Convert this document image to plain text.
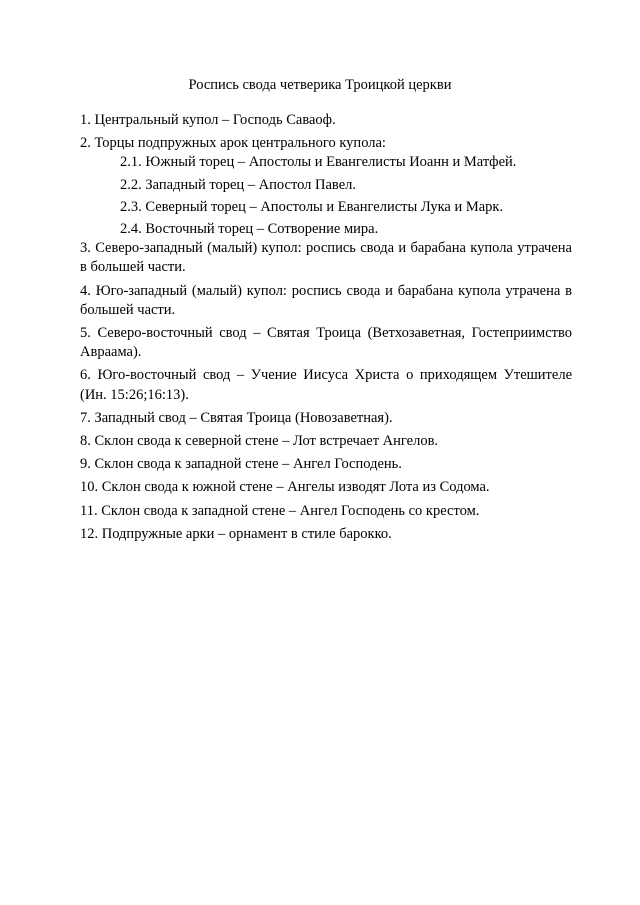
Роспись свода четверика Троицкой церкви
1. Центральный купол – Господь Саваоф.
2. Торцы подпружных арок центрального купола:
2.1. Южный торец – Апостолы и Евангелисты Иоанн и Матфей.
2.2. Западный торец – Апостол Павел.
2.3. Северный торец – Апостолы и Евангелисты Лука и Марк.
2.4. Восточный торец – Сотворение мира.
3. Северо-западный (малый) купол: роспись свода и барабана купола утрачена в большей части.
4. Юго-западный (малый) купол: роспись свода и барабана купола утрачена в большей части.
5. Северо-восточный свод – Святая Троица (Ветхозаветная, Гостеприимство Авраама).
6. Юго-восточный свод – Учение Иисуса Христа о приходящем Утешителе (Ин. 15:26;16:13).
7. Западный свод – Святая Троица (Новозаветная).
8. Склон свода к северной стене – Лот встречает Ангелов.
9. Склон свода к западной стене – Ангел Господень.
10. Склон свода к южной стене – Ангелы изводят Лота из Содома.
11. Склон свода к западной стене – Ангел Господень со крестом.
12. Подпружные арки – орнамент в стиле барокко.
